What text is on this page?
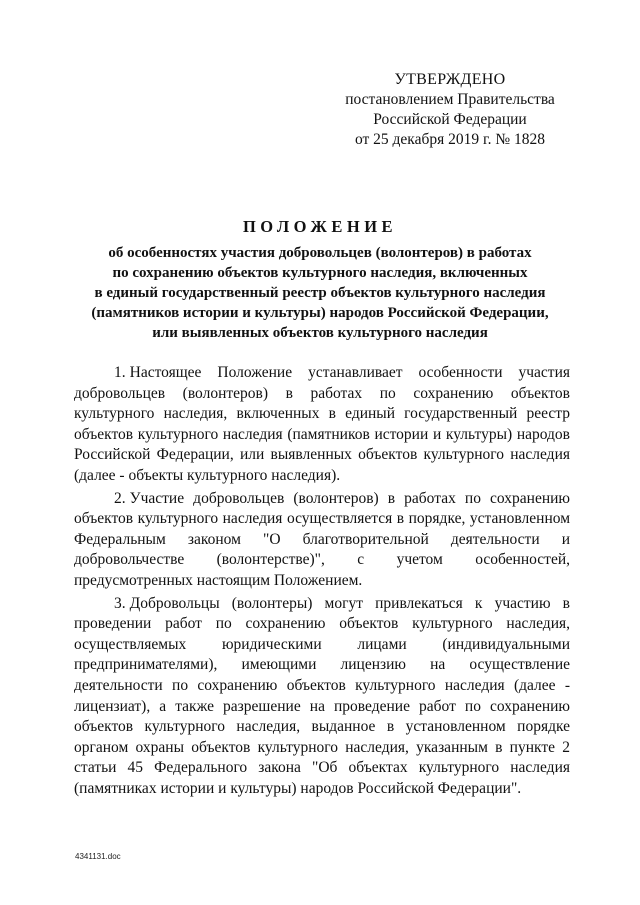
УТВЕРЖДЕНО
постановлением Правительства
Российской Федерации
от 25 декабря 2019 г. № 1828
ПОЛОЖЕНИЕ
об особенностях участия добровольцев (волонтеров) в работах
по сохранению объектов культурного наследия, включенных
в единый государственный реестр объектов культурного наследия
(памятников истории и культуры) народов Российской Федерации,
или выявленных объектов культурного наследия

1. Настоящее Положение устанавливает особенности участия добровольцев (волонтеров) в работах по сохранению объектов культурного наследия, включенных в единый государственный реестр объектов культурного наследия (памятников истории и культуры) народов Российской Федерации, или выявленных объектов культурного наследия (далее - объекты культурного наследия).

2. Участие добровольцев (волонтеров) в работах по сохранению объектов культурного наследия осуществляется в порядке, установленном Федеральным законом "О благотворительной деятельности и добровольчестве (волонтерстве)", с учетом особенностей, предусмотренных настоящим Положением.

3. Добровольцы (волонтеры) могут привлекаться к участию в проведении работ по сохранению объектов культурного наследия, осуществляемых юридическими лицами (индивидуальными предпринимателями), имеющими лицензию на осуществление деятельности по сохранению объектов культурного наследия (далее - лицензиат), а также разрешение на проведение работ по сохранению объектов культурного наследия, выданное в установленном порядке органом охраны объектов культурного наследия, указанным в пункте 2 статьи 45 Федерального закона "Об объектах культурного наследия (памятниках истории и культуры) народов Российской Федерации".

4341131.doc
